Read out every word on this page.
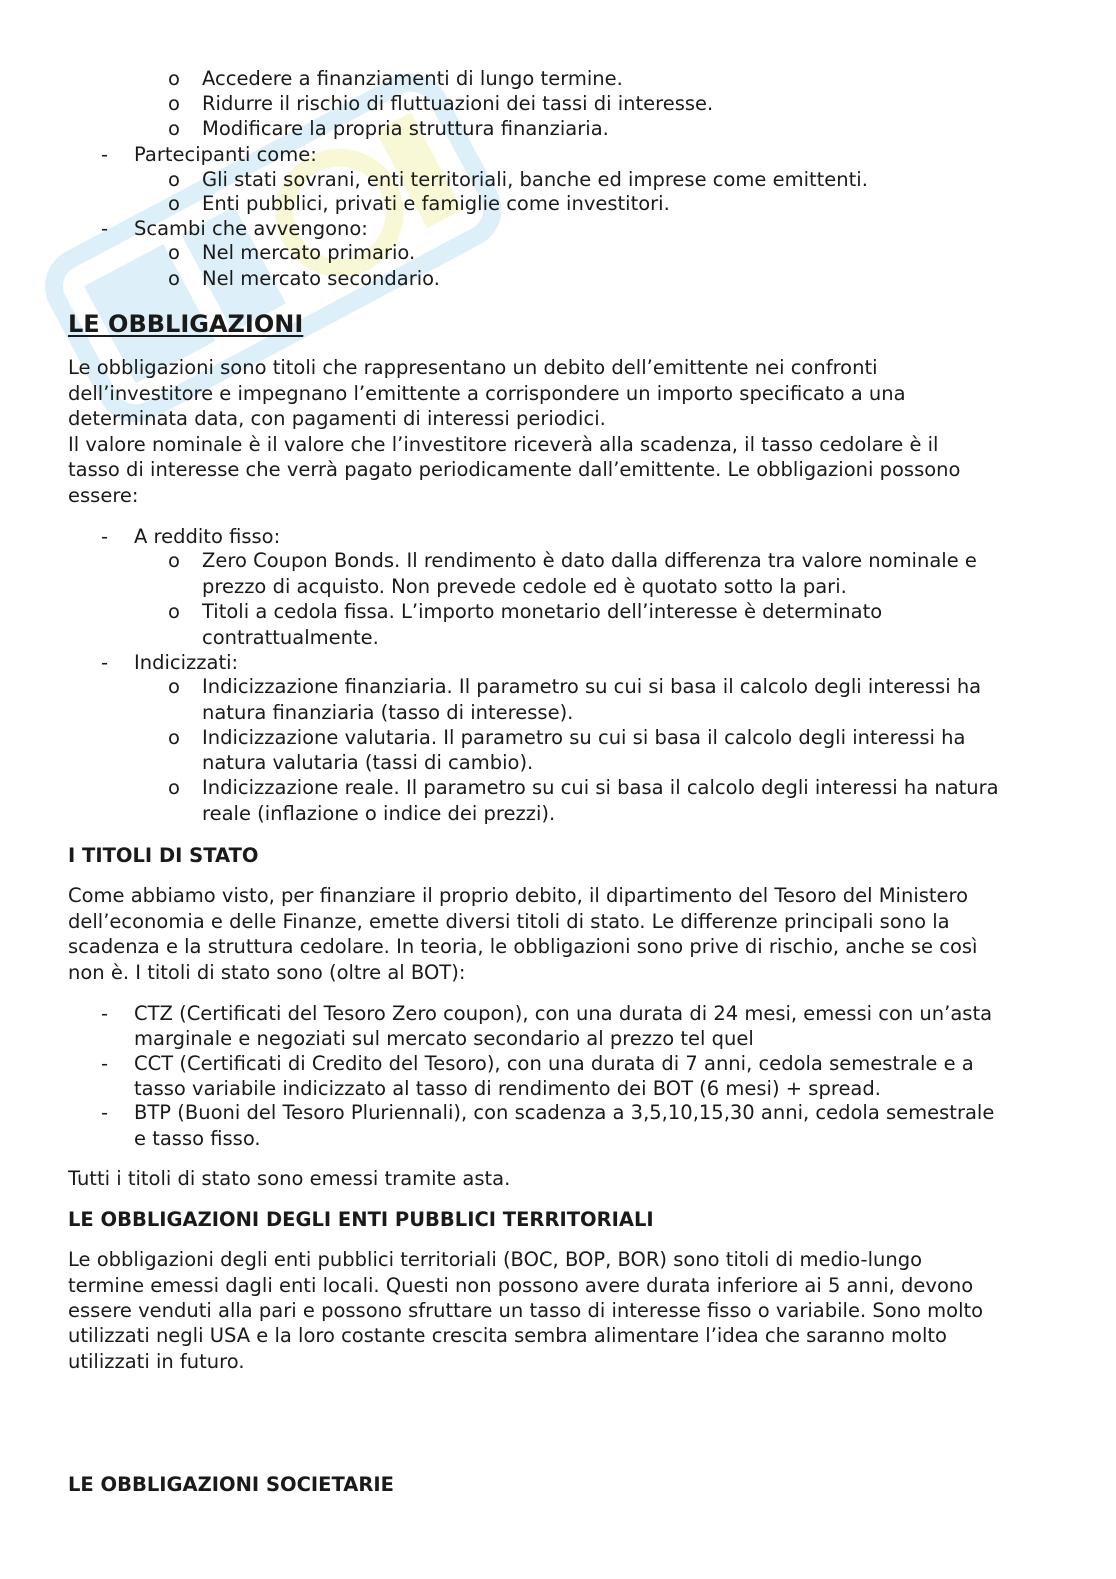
o Accedere a finanziamenti di lungo termine.
o Ridurre il rischio di fluttuazioni dei tassi di interesse.
o Modificare la propria struttura finanziaria.
- Partecipanti come:
o Gli stati sovrani, enti territoriali, banche ed imprese come emittenti.
o Enti pubblici, privati e famiglie come investitori.
- Scambi che avvengono:
o Nel mercato primario.
o Nel mercato secondario.
LE OBBLIGAZIONI
Le obbligazioni sono titoli che rappresentano un debito dell’emittente nei confronti
dell’investitore e impegnano l’emittente a corrispondere un importo specificato a una
determinata data, con pagamenti di interessi periodici.
Il valore nominale è il valore che l’investitore riceverà alla scadenza, il tasso cedolare è il
tasso di interesse che verrà pagato periodicamente dall’emittente. Le obbligazioni possono
essere:
- A reddito fisso:
o Zero Coupon Bonds. Il rendimento è dato dalla differenza tra valore nominale e
prezzo di acquisto. Non prevede cedole ed è quotato sotto la pari.
o Titoli a cedola fissa. L’importo monetario dell’interesse è determinato
contrattualmente.
- Indicizzati:
o Indicizzazione finanziaria. Il parametro su cui si basa il calcolo degli interessi ha
natura finanziaria (tasso di interesse).
o Indicizzazione valutaria. Il parametro su cui si basa il calcolo degli interessi ha
natura valutaria (tassi di cambio).
o Indicizzazione reale. Il parametro su cui si basa il calcolo degli interessi ha natura
reale (inflazione o indice dei prezzi).
I TITOLI DI STATO
Come abbiamo visto, per finanziare il proprio debito, il dipartimento del Tesoro del Ministero
dell’economia e delle Finanze, emette diversi titoli di stato. Le differenze principali sono la
scadenza e la struttura cedolare. In teoria, le obbligazioni sono prive di rischio, anche se così
non è. I titoli di stato sono (oltre al BOT):
- CTZ (Certificati del Tesoro Zero coupon), con una durata di 24 mesi, emessi con un’asta
marginale e negoziati sul mercato secondario al prezzo tel quel
- CCT (Certificati di Credito del Tesoro), con una durata di 7 anni, cedola semestrale e a
tasso variabile indicizzato al tasso di rendimento dei BOT (6 mesi) + spread.
- BTP (Buoni del Tesoro Pluriennali), con scadenza a 3,5,10,15,30 anni, cedola semestrale
e tasso fisso.
Tutti i titoli di stato sono emessi tramite asta.
LE OBBLIGAZIONI DEGLI ENTI PUBBLICI TERRITORIALI
Le obbligazioni degli enti pubblici territoriali (BOC, BOP, BOR) sono titoli di medio-lungo
termine emessi dagli enti locali. Questi non possono avere durata inferiore ai 5 anni, devono
essere venduti alla pari e possono sfruttare un tasso di interesse fisso o variabile. Sono molto
utilizzati negli USA e la loro costante crescita sembra alimentare l’idea che saranno molto
utilizzati in futuro.
LE OBBLIGAZIONI SOCIETARIE
